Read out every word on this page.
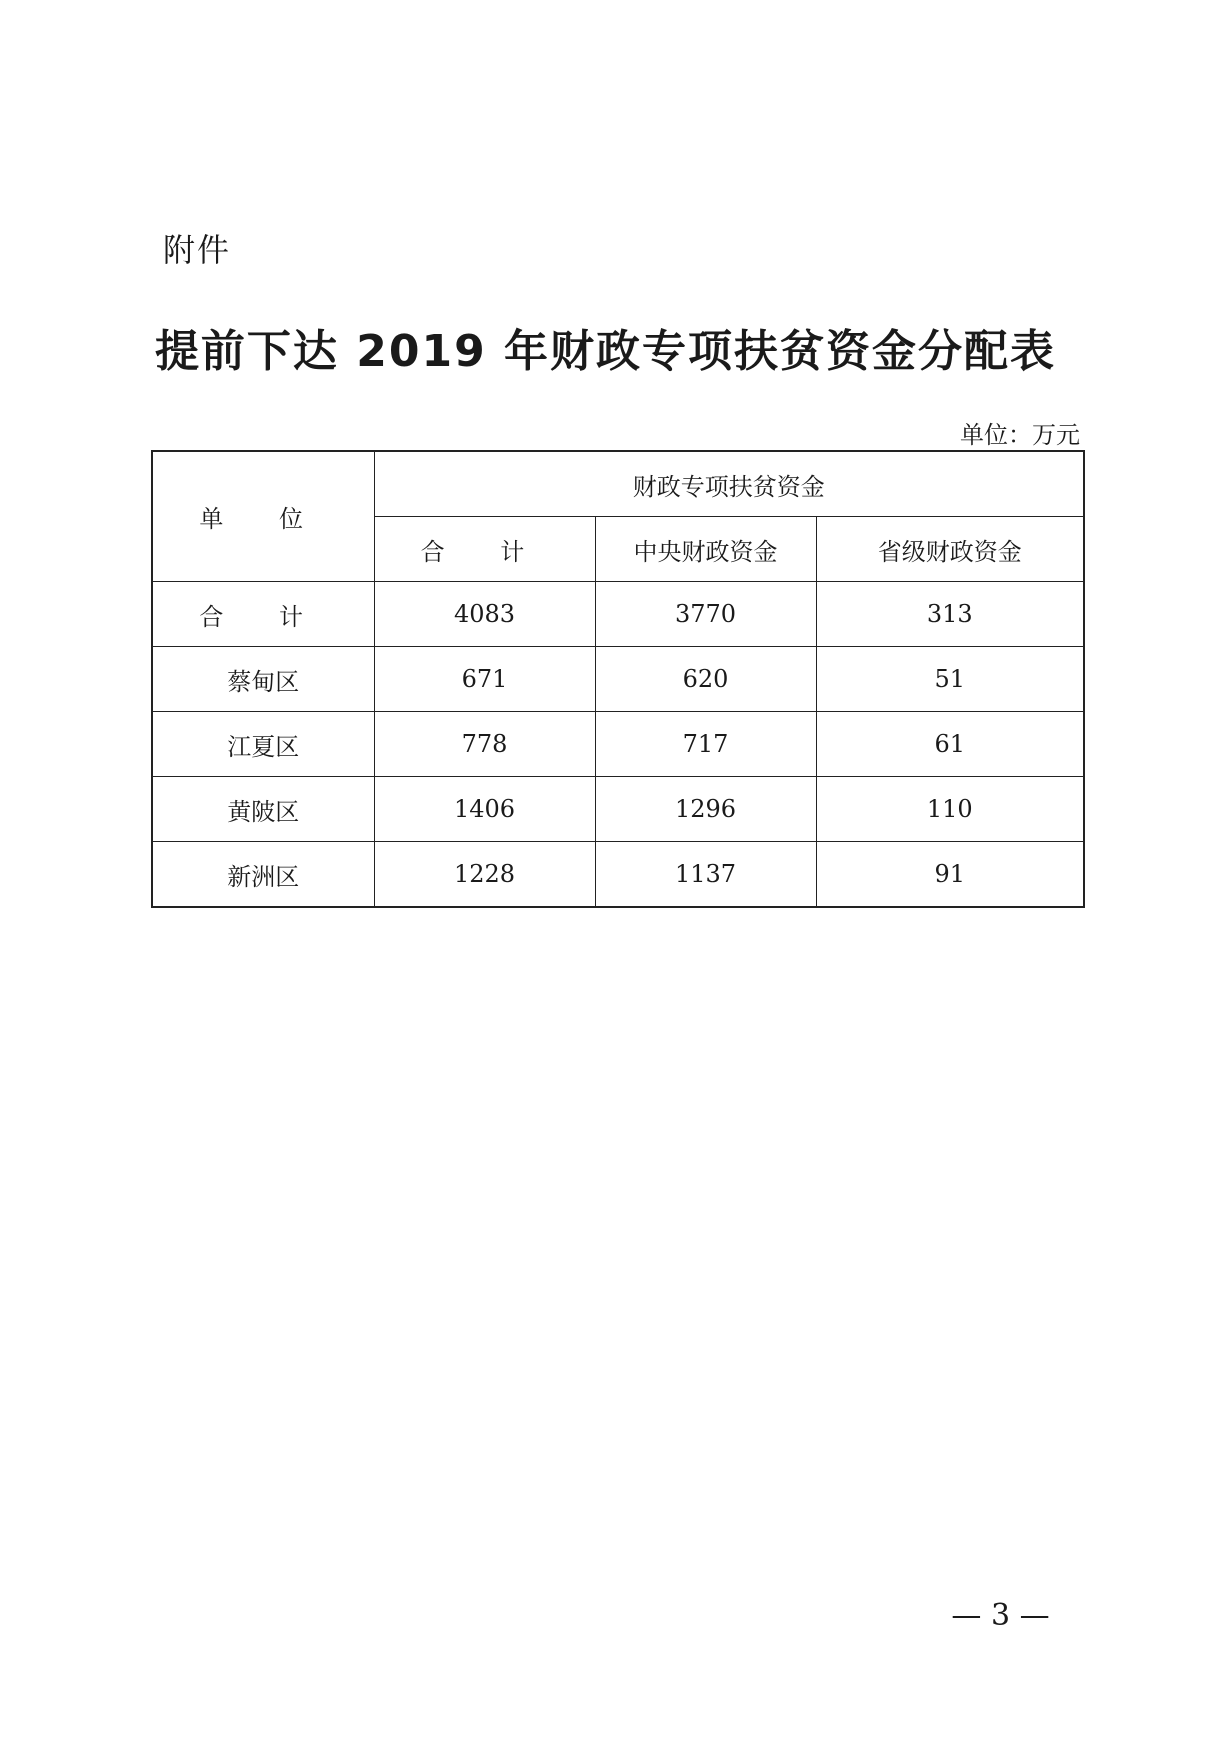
附件
提前下达 2019 年财政专项扶贫资金分配表
单位：万元
单 位	财政专项扶贫资金		
	合 计	中央财政资金	省级财政资金
合 计	4083	3770	313
蔡甸区	671	620	51
江夏区	778	717	61
黄陂区	1406	1296	110
新洲区	1228	1137	91
— 3 —
